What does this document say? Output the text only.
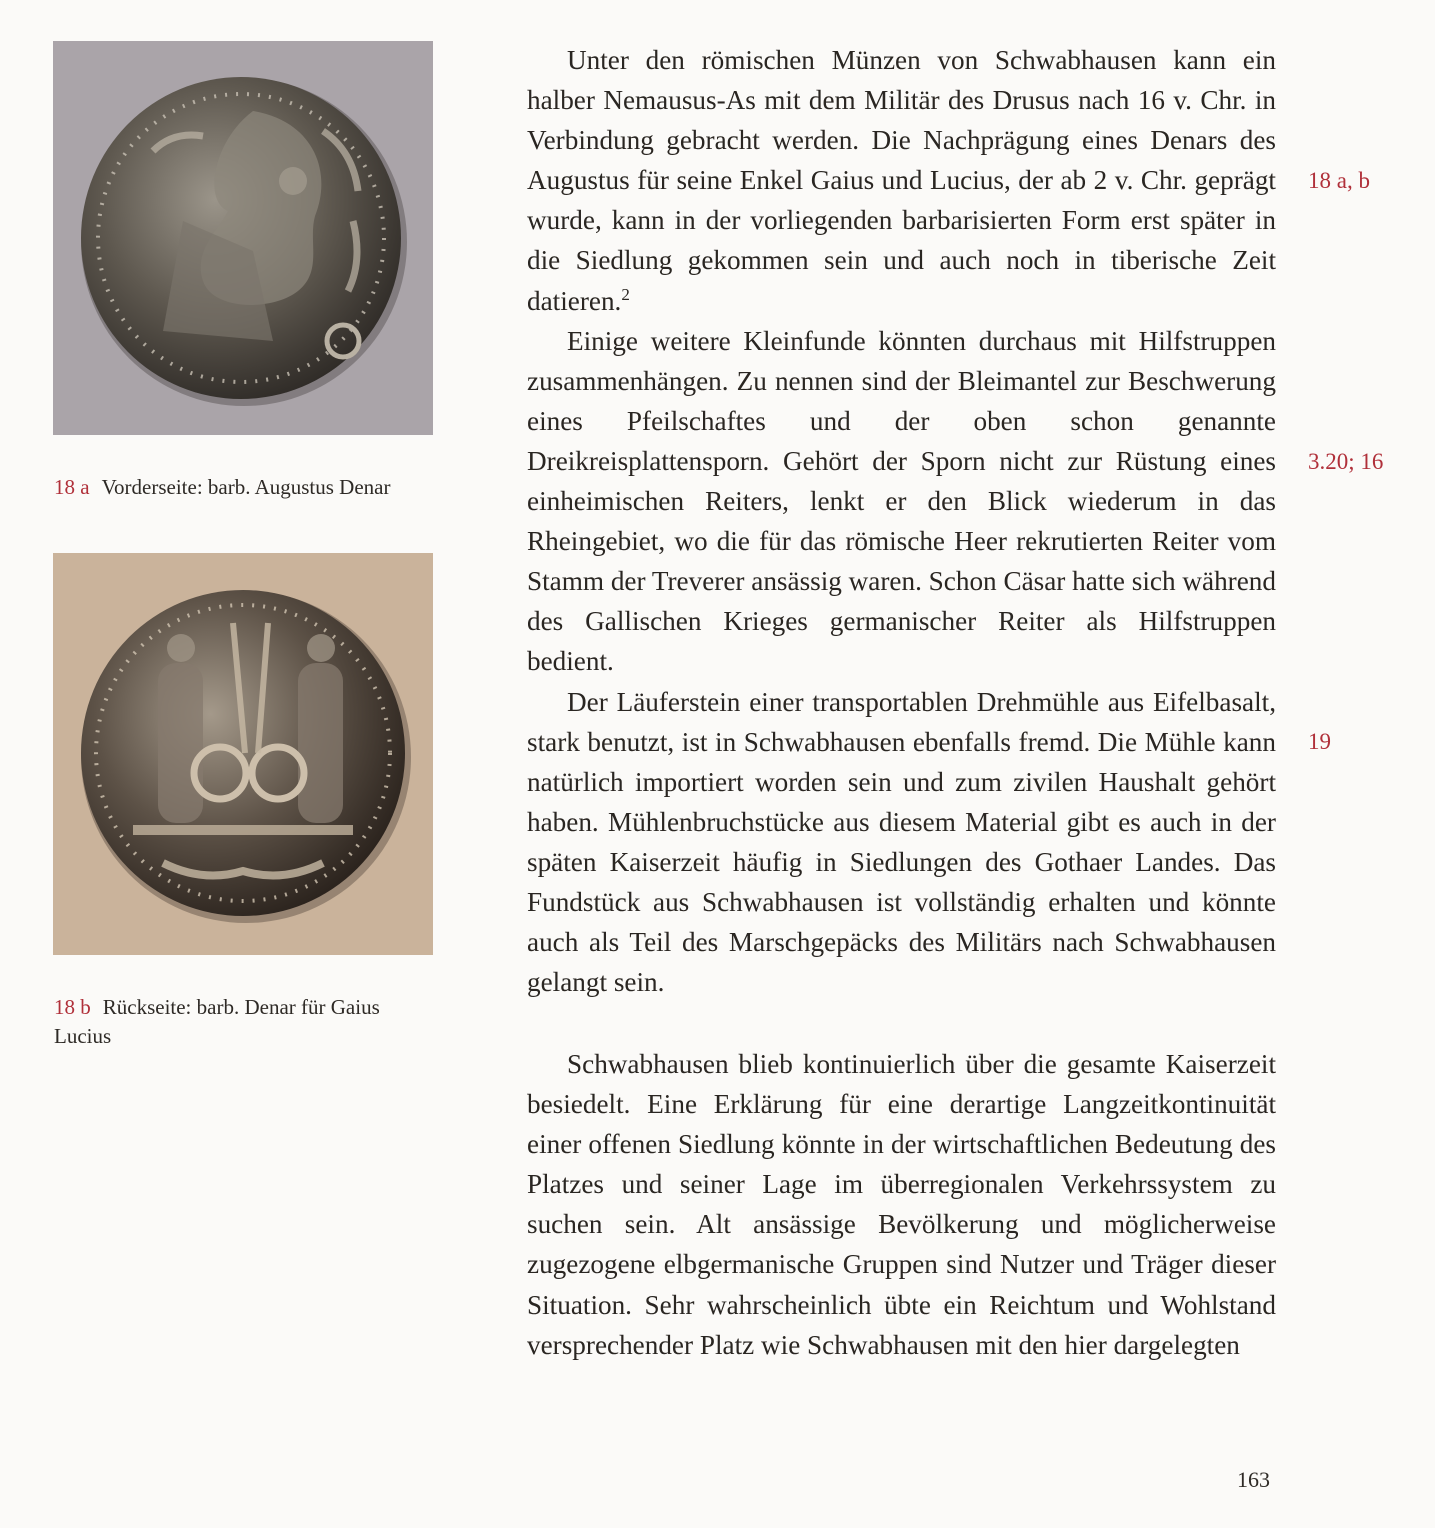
18 a Vorderseite: barb. Augustus Denar
18 b Rückseite: barb. Denar für Gaius Lucius

Unter den römischen Münzen von Schwabhausen kann ein halber Nemausus-As mit dem Militär des Drusus nach 16 v. Chr. in Verbindung gebracht werden. Die Nachprägung eines Denars des Augustus für seine Enkel Gaius und Lucius, der ab 2 v. Chr. geprägt wurde, kann in der vorliegenden barbarisierten Form erst später in die Siedlung gekommen sein und auch noch in tiberische Zeit datieren.$^2$

Einige weitere Kleinfunde könnten durchaus mit Hilfstruppen zusammenhängen. Zu nennen sind der Bleimantel zur Beschwerung eines Pfeilschaftes und der oben schon genannte Dreikreisplattensporn. Gehört der Sporn nicht zur Rüstung eines einheimischen Reiters, lenkt er den Blick wiederum in das Rheingebiet, wo die für das römische Heer rekrutierten Reiter vom Stamm der Treverer ansässig waren. Schon Cäsar hatte sich während des Gallischen Krieges germanischer Reiter als Hilfstruppen bedient.

Der Läuferstein einer transportablen Drehmühle aus Eifelbasalt, stark benutzt, ist in Schwabhausen ebenfalls fremd. Die Mühle kann natürlich importiert worden sein und zum zivilen Haushalt gehört haben. Mühlenbruchstücke aus diesem Material gibt es auch in der späten Kaiserzeit häufig in Siedlungen des Gothaer Landes. Das Fundstück aus Schwabhausen ist vollständig erhalten und könnte auch als Teil des Marschgepäcks des Militärs nach Schwabhausen gelangt sein.

Schwabhausen blieb kontinuierlich über die gesamte Kaiserzeit besiedelt. Eine Erklärung für eine derartige Langzeitkontinuität einer offenen Siedlung könnte in der wirtschaftlichen Bedeutung des Platzes und seiner Lage im überregionalen Verkehrssystem zu suchen sein. Alt ansässige Bevölkerung und möglicherweise zugezogene elbgermanische Gruppen sind Nutzer und Träger dieser Situation. Sehr wahrscheinlich übte ein Reichtum und Wohlstand versprechender Platz wie Schwabhausen mit den hier dargelegten

18 a, b
3.20; 16
19
163
